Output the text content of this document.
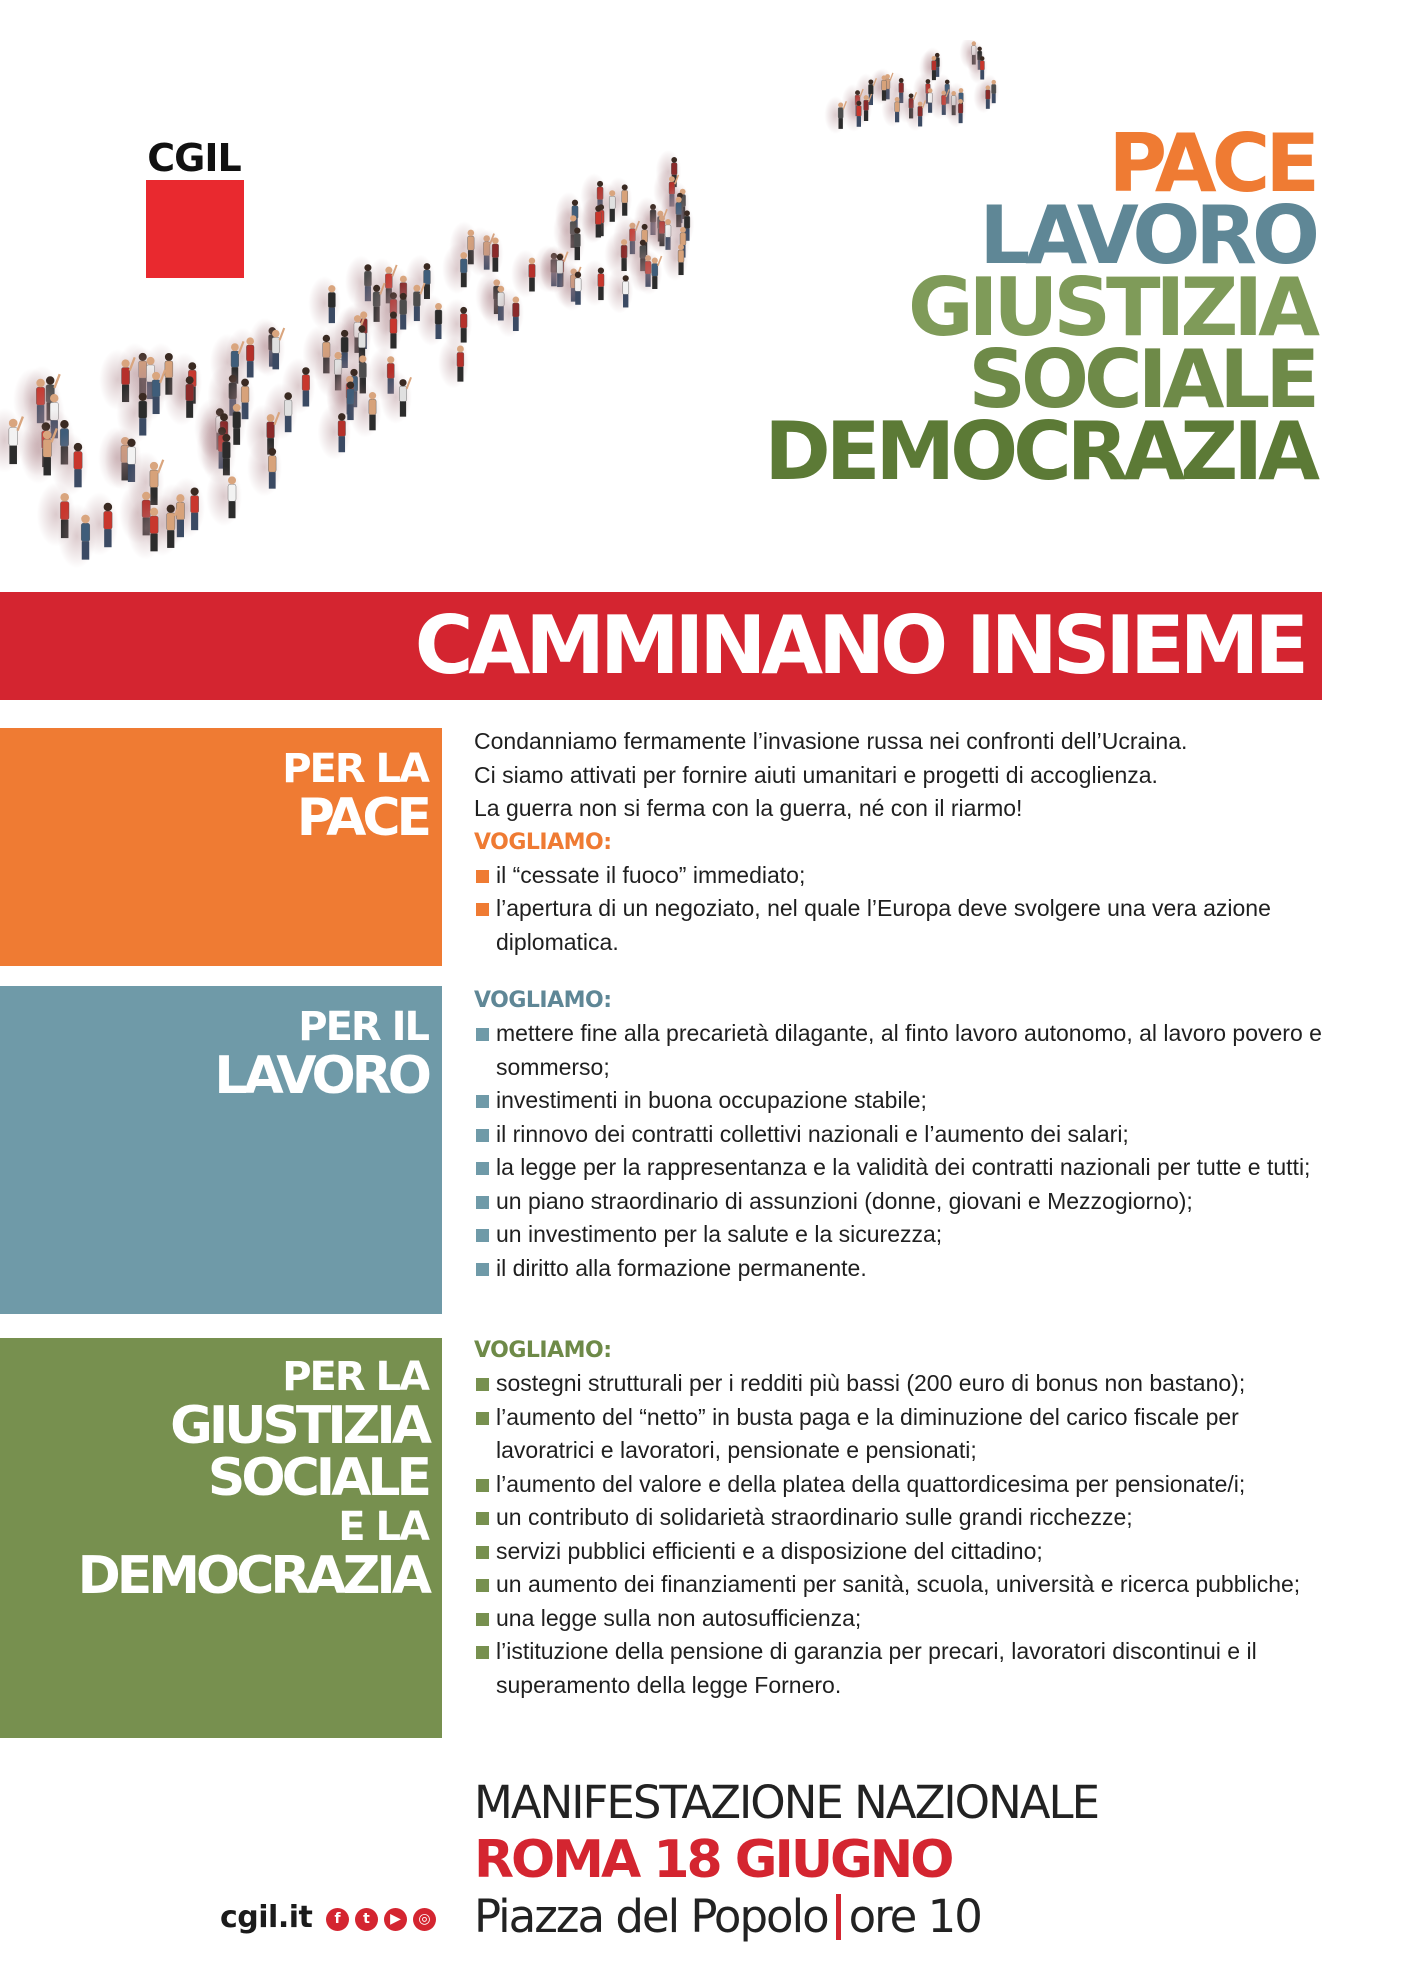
CGIL	PACE
LAVORO
GIUSTIZIA
SOCIALE
DEMOCRAZIA
CAMMINANO INSIEME
PER LA
PACE
PER IL
LAVORO
PER LA
GIUSTIZIA
SOCIALE
E LA
DEMOCRAZIA

Condanniamo fermamente l’invasione russa nei confronti dell’Ucraina.

Ci siamo attivati per fornire aiuti umanitari e progetti di accoglienza.

La guerra non si ferma con la guerra, né con il riarmo!

VOGLIAMO:
il “cessate il fuoco” immediato;
l’apertura di un negoziato, nel quale l’Europa deve svolgere una vera azione diplomatica.
VOGLIAMO:
mettere fine alla precarietà dilagante, al finto lavoro autonomo, al lavoro povero e sommerso;
investimenti in buona occupazione stabile;
il rinnovo dei contratti collettivi nazionali e l’aumento dei salari;
la legge per la rappresentanza e la validità dei contratti nazionali per tutte e tutti;
un piano straordinario di assunzioni (donne, giovani e Mezzogiorno);
un investimento per la salute e la sicurezza;
il diritto alla formazione permanente.
VOGLIAMO:
sostegni strutturali per i redditi più bassi (200 euro di bonus non bastano);
l’aumento del “netto” in busta paga e la diminuzione del carico fiscale per lavoratrici e lavoratori, pensionate e pensionati;
l’aumento del valore e della platea della quattordicesima per pensionate/i;
un contributo di solidarietà straordinario sulle grandi ricchezze;
servizi pubblici efficienti e a disposizione del cittadino;
un aumento dei finanziamenti per sanità, scuola, università e ricerca pubbliche;
una legge sulla non autosufficienza;
l’istituzione della pensione di garanzia per precari, lavoratori discontinui e il superamento della legge Fornero.
cgil.it	f	t	▶	◎
MANIFESTAZIONE NAZIONALE
ROMA 18 GIUGNO
Piazza del Popolo ore 10
